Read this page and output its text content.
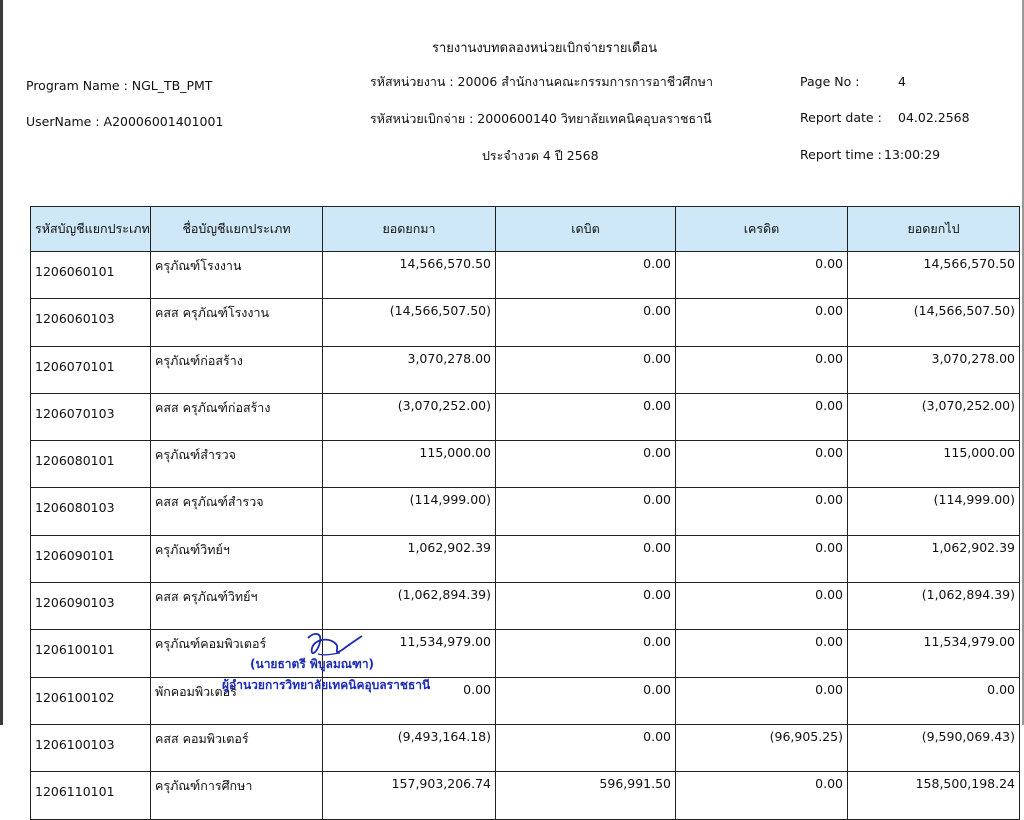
รายงานงบทดลองหน่วยเบิกจ่ายรายเดือน
Program Name : NGL_TB_PMT
UserName : A20006001401001
รหัสหน่วยงาน : 20006 สำนักงานคณะกรรมการการอาชีวศึกษา
รหัสหน่วยเบิกจ่าย : 2000600140 วิทยาลัยเทคนิคอุบลราชธานี
ประจำงวด 4 ปี 2568
Page No :	4
Report date : 04.02.2568
Report time : 13:00:29
รหัสบัญชีแยกประเภท	ชื่อบัญชีแยกประเภท	ยอดยกมา	เดบิต	เครดิต	ยอดยกไป
1206060101	ครุภัณฑ์โรงงาน	14,566,570.50	0.00	0.00	14,566,570.50
1206060103	คสส ครุภัณฑ์โรงงาน	(14,566,507.50)	0.00	0.00	(14,566,507.50)
1206070101	ครุภัณฑ์ก่อสร้าง	3,070,278.00	0.00	0.00	3,070,278.00
1206070103	คสส ครุภัณฑ์ก่อสร้าง	(3,070,252.00)	0.00	0.00	(3,070,252.00)
1206080101	ครุภัณฑ์สำรวจ	115,000.00	0.00	0.00	115,000.00
1206080103	คสส ครุภัณฑ์สำรวจ	(114,999.00)	0.00	0.00	(114,999.00)
1206090101	ครุภัณฑ์วิทย์ฯ	1,062,902.39	0.00	0.00	1,062,902.39
1206090103	คสส ครุภัณฑ์วิทย์ฯ	(1,062,894.39)	0.00	0.00	(1,062,894.39)
1206100101	ครุภัณฑ์คอมพิวเตอร์	11,534,979.00	0.00	0.00	11,534,979.00
1206100102	พักคอมพิวเตอร์	0.00	0.00	0.00	0.00
1206100103	คสส คอมพิวเตอร์	(9,493,164.18)	0.00	(96,905.25)	(9,590,069.43)
1206110101	ครุภัณฑ์การศึกษา	157,903,206.74	596,991.50	0.00	158,500,198.24
(นายธาตรี พิบูลมณฑา)
ผู้อำนวยการวิทยาลัยเทคนิคอุบลราชธานี
